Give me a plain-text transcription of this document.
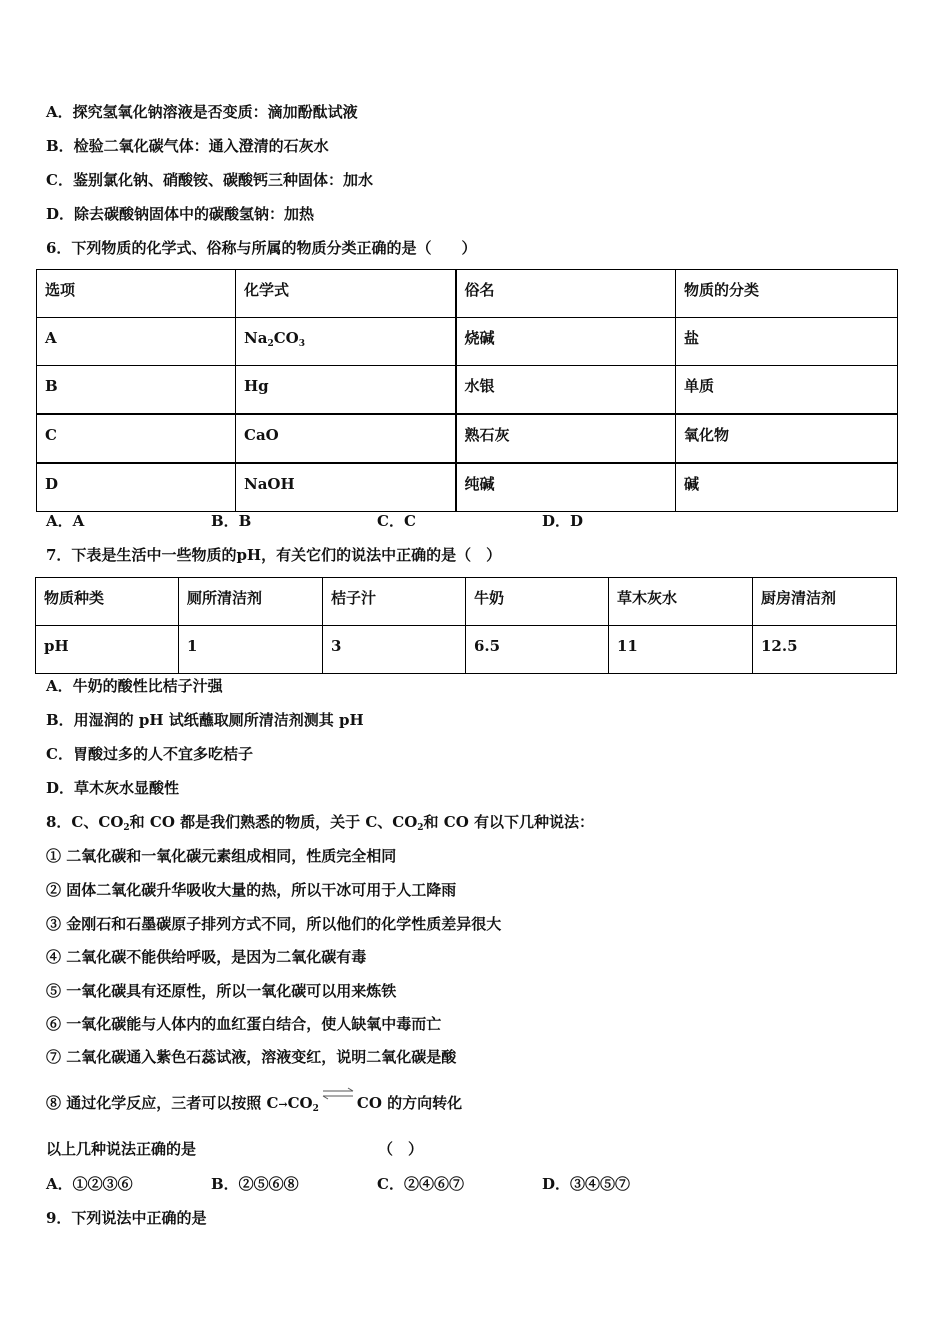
A．探究氢氧化钠溶液是否变质：滴加酚酞试液
B．检验二氧化碳气体：通入澄清的石灰水
C．鉴别氯化钠、硝酸铵、碳酸钙三种固体：加水
D．除去碳酸钠固体中的碳酸氢钠：加热
6．下列物质的化学式、俗称与所属的物质分类正确的是（　　）
选项	化学式	俗名	物质的分类
A	$Na_2CO_3$	烧碱	盐
B	Hg	水银	单质
C	CaO	熟石灰	氧化物
D	NaOH	纯碱	碱
A．A	B．B	C．C	D．D
7．下表是生活中一些物质的pH，有关它们的说法中正确的是（　）
物质种类	厕所清洁剂	桔子汁	牛奶	草木灰水	厨房清洁剂
pH	1	3	6.5	11	12.5
A．牛奶的酸性比桔子汁强
B．用湿润的 pH 试纸蘸取厕所清洁剂测其 pH
C．胃酸过多的人不宜多吃桔子
D．草木灰水显酸性
8．C、$CO_2$和 CO 都是我们熟悉的物质，关于 C、$CO_2$和 CO 有以下几种说法：
① 二氧化碳和一氧化碳元素组成相同，性质完全相同
② 固体二氧化碳升华吸收大量的热，所以干冰可用于人工降雨
③ 金刚石和石墨碳原子排列方式不同，所以他们的化学性质差异很大
④ 二氧化碳不能供给呼吸，是因为二氧化碳有毒
⑤ 一氧化碳具有还原性，所以一氧化碳可以用来炼铁
⑥ 一氧化碳能与人体内的血红蛋白结合，使人缺氧中毒而亡
⑦ 二氧化碳通入紫色石蕊试液，溶液变红，说明二氧化碳是酸
⑧ 通过化学反应，三者可以按照 $C\to CO_2\rightleftharpoons CO$ 的方向转化
以上几种说法正确的是	（　）
A．①②③⑥	B．②⑤⑥⑧	C．②④⑥⑦	D．③④⑤⑦
9．下列说法中正确的是
